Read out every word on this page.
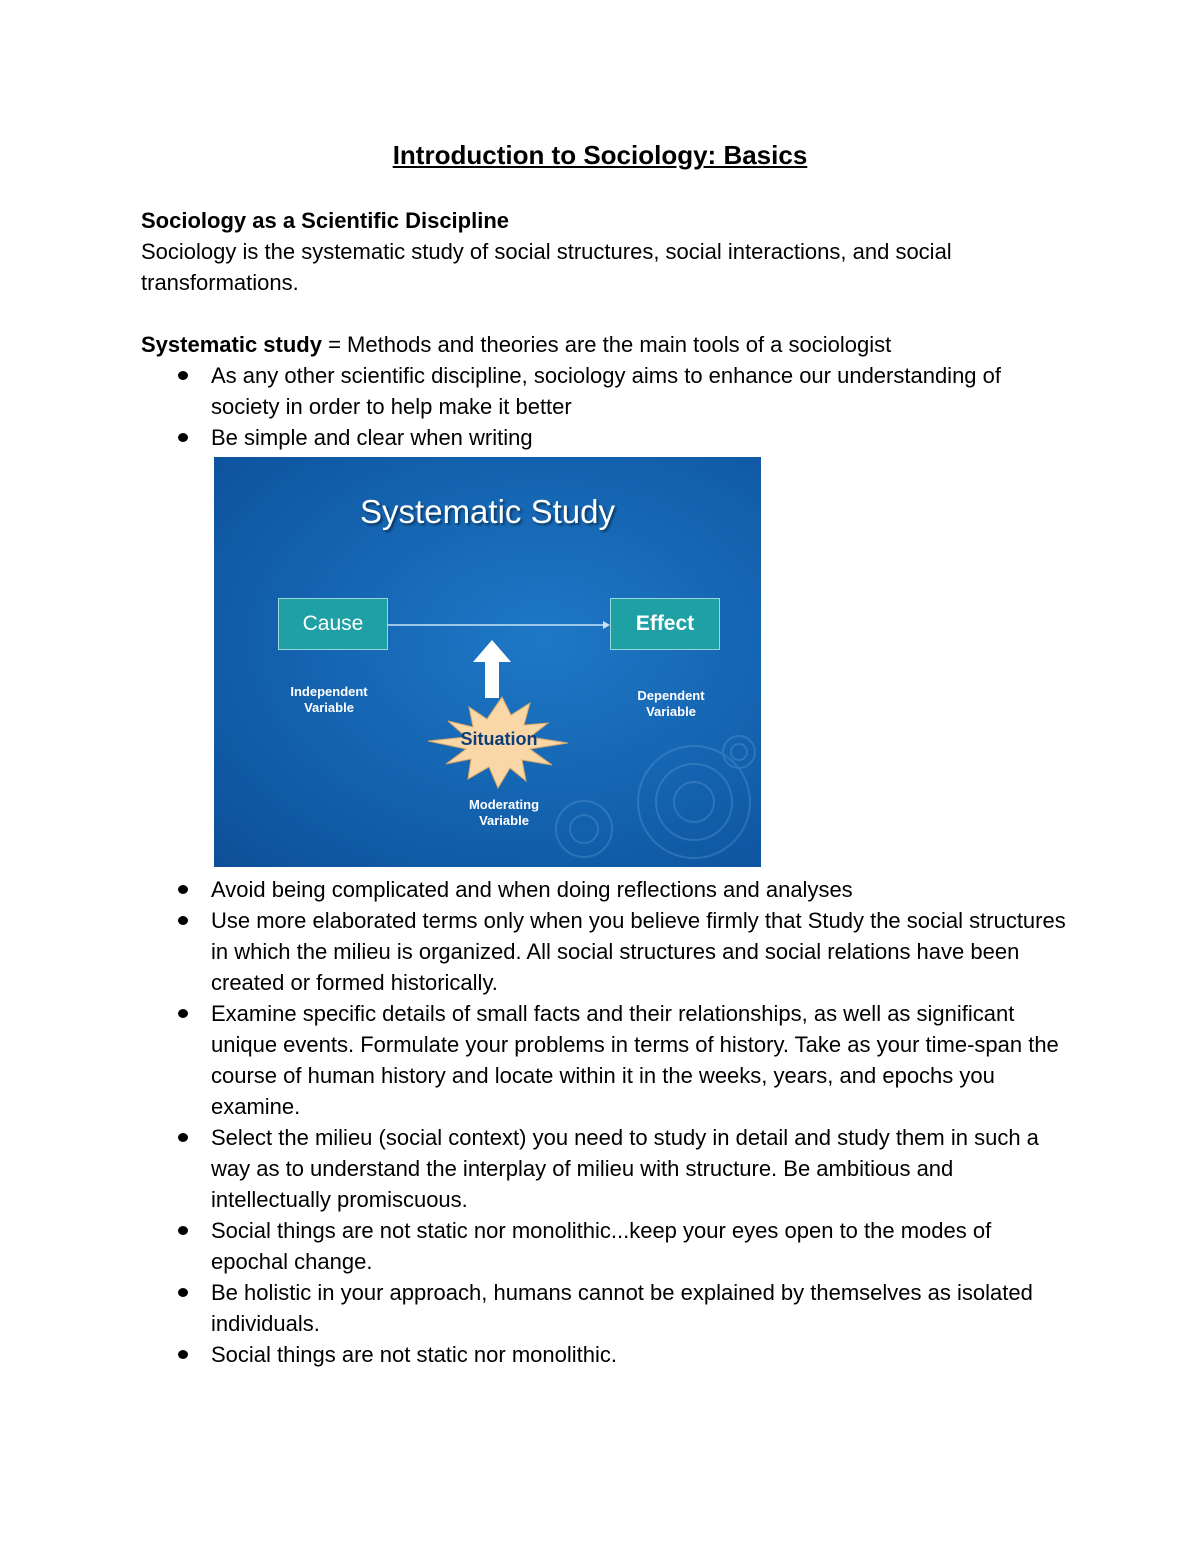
Introduction to Sociology: Basics

Sociology as a Scientific Discipline

Sociology is the systematic study of social structures, social interactions, and social transformations.

Systematic study = Methods and theories are the main tools of a sociologist

As any other scientific discipline, sociology aims to enhance our understanding of society in order to help make it better
Be simple and clear when writing
Systematic Study
Cause	Effect
Independent
Variable
Dependent
Variable
Situation
Moderating
Variable
Avoid being complicated and when doing reflections and analyses
Use more elaborated terms only when you believe firmly that Study the social structures in which the milieu is organized. All social structures and social relations have been created or formed historically.
Examine specific details of small facts and their relationships, as well as significant unique events. Formulate your problems in terms of history. Take as your time-span the course of human history and locate within it in the weeks, years, and epochs you examine.
Select the milieu (social context) you need to study in detail and study them in such a way as to understand the interplay of milieu with structure. Be ambitious and intellectually promiscuous.
Social things are not static nor monolithic...keep your eyes open to the modes of epochal change.
Be holistic in your approach, humans cannot be explained by themselves as isolated individuals.
Social things are not static nor monolithic.
